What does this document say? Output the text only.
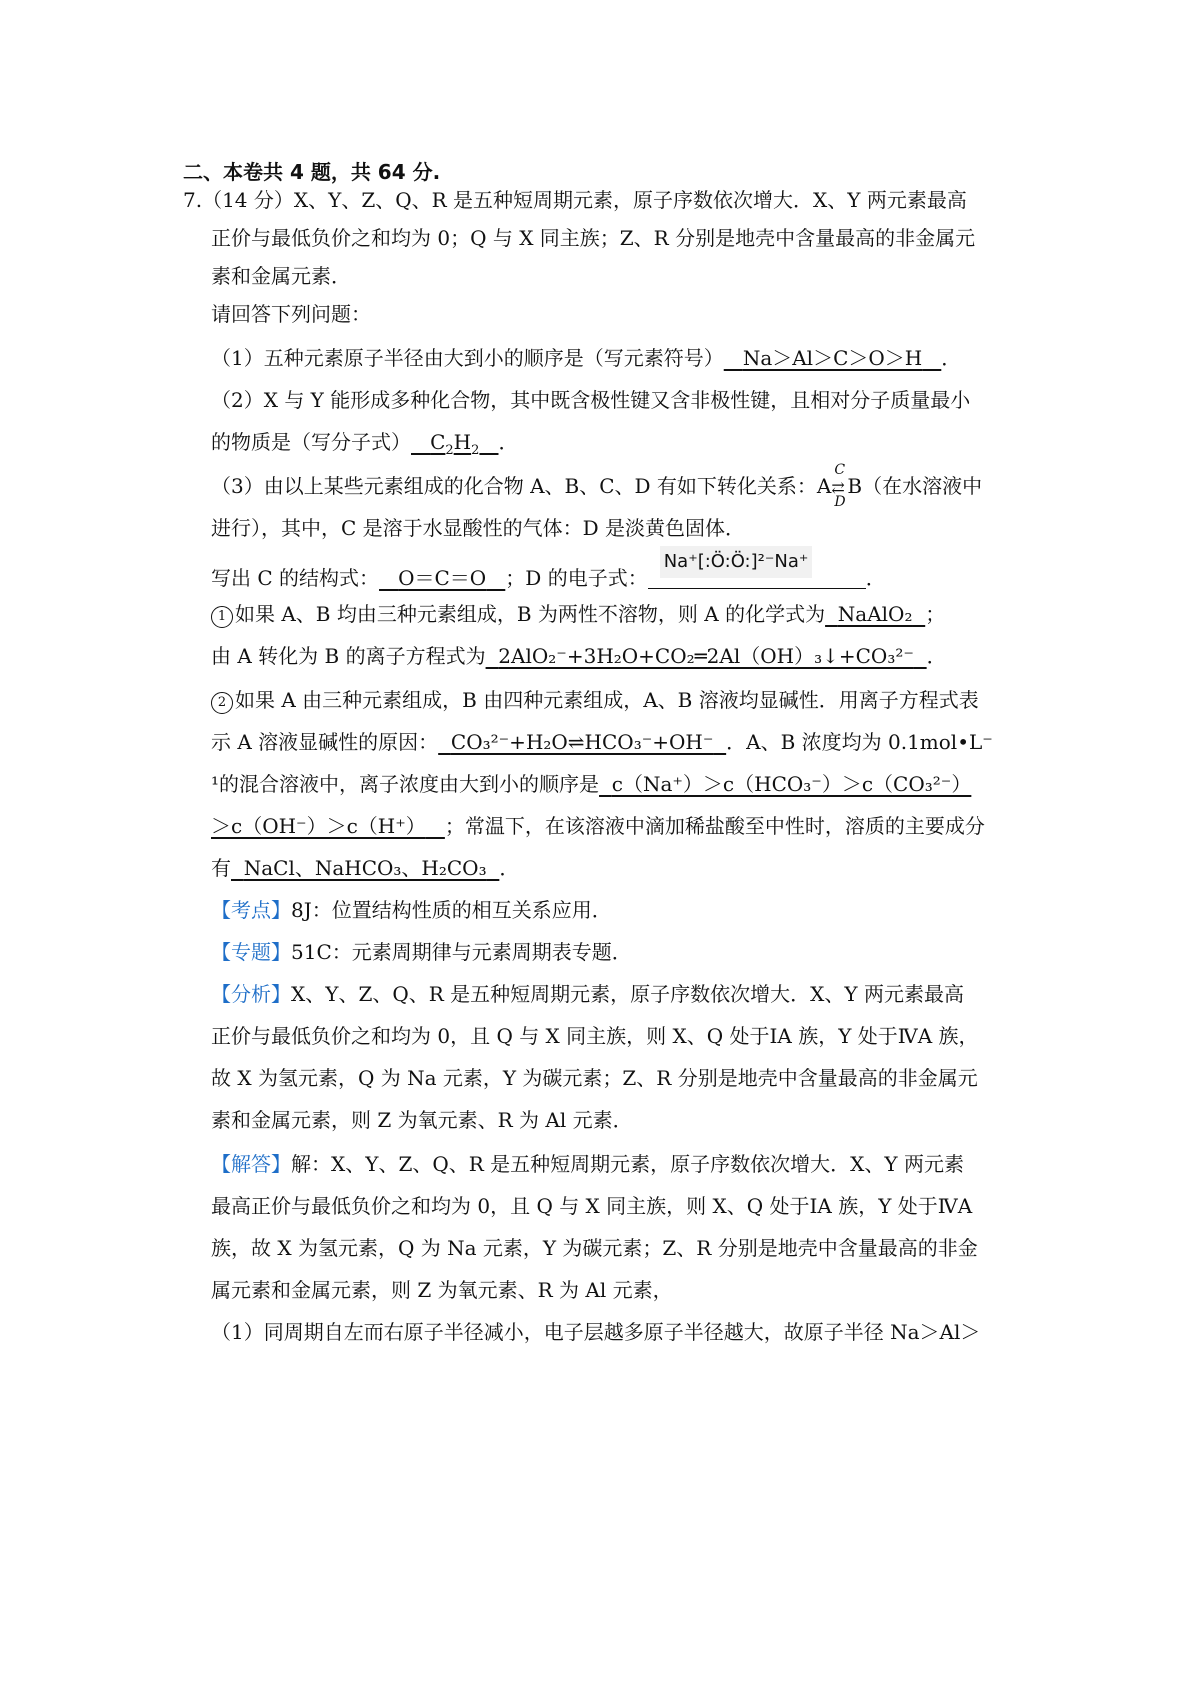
二、本卷共 4 题，共 64 分.
7.（14 分）X、Y、Z、Q、R 是五种短周期元素，原子序数依次增大．X、Y 两元素最高
正价与最低负价之和均为 0；Q 与 X 同主族；Z、R 分别是地壳中含量最高的非金属元
素和金属元素．
请回答下列问题：
（1）五种元素原子半径由大到小的顺序是（写元素符号） Na＞Al＞C＞O＞H ．
（2）X 与 Y 能形成多种化合物，其中既含极性键又含非极性键，且相对分子质量最小
的物质是（写分子式） $C_2H_2$ ．
（3）由以上某些元素组成的化合物 A、B、C、D 有如下转化关系：A
C
⇄
D
B（在水溶液中
进行），其中，C 是溶于水显酸性的气体：D 是淡黄色固体．
写出 C 的结构式： O＝C＝O ；D 的电子式：
Na⁺[:Ö:Ö:]²⁻Na⁺
．
1 如果 A、B 均由三种元素组成，B 为两性不溶物，则 A 的化学式为 NaAlO₂ ；
由 A 转化为 B 的离子方程式为 2AlO₂⁻+3H₂O+CO₂═2Al（OH）₃↓+CO₃²⁻ ．
2 如果 A 由三种元素组成，B 由四种元素组成，A、B 溶液均显碱性．用离子方程式表
示 A 溶液显碱性的原因： CO₃²⁻+H₂O⇌HCO₃⁻+OH⁻ ．A、B 浓度均为 0.1mol•L⁻
¹的混合溶液中，离子浓度由大到小的顺序是 c（Na⁺）＞c（HCO₃⁻）＞c（CO₃²⁻）
＞c（OH⁻）＞c（H⁺） ；常温下，在该溶液中滴加稀盐酸至中性时，溶质的主要成分
有 NaCl、NaHCO₃、H₂CO₃ ．
【考点】8J：位置结构性质的相互关系应用．
【专题】51C：元素周期律与元素周期表专题．
【分析】X、Y、Z、Q、R 是五种短周期元素，原子序数依次增大．X、Y 两元素最高
正价与最低负价之和均为 0，且 Q 与 X 同主族，则 X、Q 处于ⅠA 族，Y 处于ⅣA 族，
故 X 为氢元素，Q 为 Na 元素，Y 为碳元素；Z、R 分别是地壳中含量最高的非金属元
素和金属元素，则 Z 为氧元素、R 为 Al 元素．
【解答】解：X、Y、Z、Q、R 是五种短周期元素，原子序数依次增大．X、Y 两元素
最高正价与最低负价之和均为 0，且 Q 与 X 同主族，则 X、Q 处于ⅠA 族，Y 处于ⅣA
族，故 X 为氢元素，Q 为 Na 元素，Y 为碳元素；Z、R 分别是地壳中含量最高的非金
属元素和金属元素，则 Z 为氧元素、R 为 Al 元素，
（1）同周期自左而右原子半径减小，电子层越多原子半径越大，故原子半径 Na＞Al＞
